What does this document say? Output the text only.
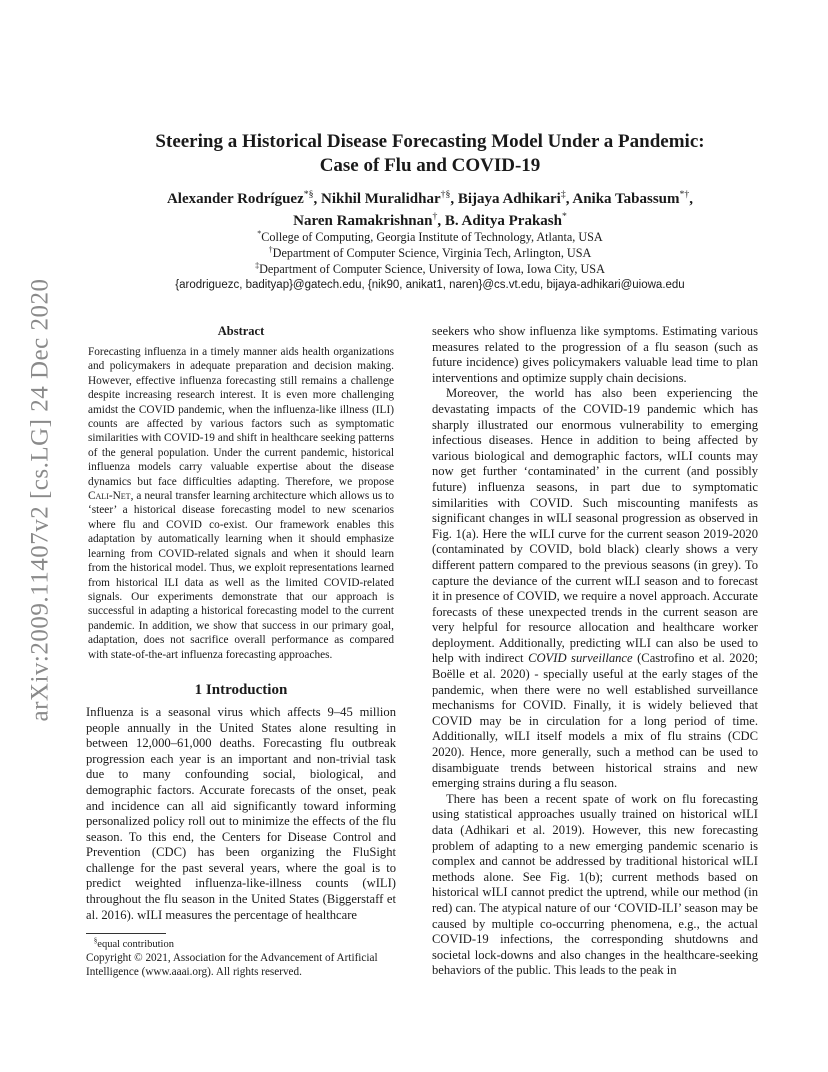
arXiv:2009.11407v2 [cs.LG] 24 Dec 2020
Steering a Historical Disease Forecasting Model Under a Pandemic:
Case of Flu and COVID-19
Alexander Rodríguez*§, Nikhil Muralidhar†§, Bijaya Adhikari‡, Anika Tabassum*†,
Naren Ramakrishnan†, B. Aditya Prakash*
*College of Computing, Georgia Institute of Technology, Atlanta, USA
†Department of Computer Science, Virginia Tech, Arlington, USA
‡Department of Computer Science, University of Iowa, Iowa City, USA
{arodriguezc, badityap}@gatech.edu, {nik90, anikat1, naren}@cs.vt.edu, bijaya-adhikari@uiowa.edu
Abstract

Forecasting influenza in a timely manner aids health organizations and policymakers in adequate preparation and decision making. However, effective influenza forecasting still remains a challenge despite increasing research interest. It is even more challenging amidst the COVID pandemic, when the influenza-like illness (ILI) counts are affected by various factors such as symptomatic similarities with COVID-19 and shift in healthcare seeking patterns of the general population. Under the current pandemic, historical influenza models carry valuable expertise about the disease dynamics but face difficulties adapting. Therefore, we propose Cali-Net, a neural transfer learning architecture which allows us to ‘steer’ a historical disease forecasting model to new scenarios where flu and COVID co-exist. Our framework enables this adaptation by automatically learning when it should emphasize learning from COVID-related signals and when it should learn from the historical model. Thus, we exploit representations learned from historical ILI data as well as the limited COVID-related signals. Our experiments demonstrate that our approach is successful in adapting a historical forecasting model to the current pandemic. In addition, we show that success in our primary goal, adaptation, does not sacrifice overall performance as compared with state-of-the-art influenza forecasting approaches.

1 Introduction

Influenza is a seasonal virus which affects 9–45 million people annually in the United States alone resulting in between 12,000–61,000 deaths. Forecasting flu outbreak progression each year is an important and non-trivial task due to many confounding social, biological, and demographic factors. Accurate forecasts of the onset, peak and incidence can all aid significantly toward informing personalized policy roll out to minimize the effects of the flu season. To this end, the Centers for Disease Control and Prevention (CDC) has been organizing the FluSight challenge for the past several years, where the goal is to predict weighted influenza-like-illness counts (wILI) throughout the flu season in the United States (Biggerstaff et al. 2016). wILI measures the percentage of healthcare

§equal contribution
Copyright © 2021, Association for the Advancement of Artificial Intelligence (www.aaai.org). All rights reserved.

seekers who show influenza like symptoms. Estimating various measures related to the progression of a flu season (such as future incidence) gives policymakers valuable lead time to plan interventions and optimize supply chain decisions.

Moreover, the world has also been experiencing the devastating impacts of the COVID-19 pandemic which has sharply illustrated our enormous vulnerability to emerging infectious diseases. Hence in addition to being affected by various biological and demographic factors, wILI counts may now get further ‘contaminated’ in the current (and possibly future) influenza seasons, in part due to symptomatic similarities with COVID. Such miscounting manifests as significant changes in wILI seasonal progression as observed in Fig. 1(a). Here the wILI curve for the current season 2019-2020 (contaminated by COVID, bold black) clearly shows a very different pattern compared to the previous seasons (in grey). To capture the deviance of the current wILI season and to forecast it in presence of COVID, we require a novel approach. Accurate forecasts of these unexpected trends in the current season are very helpful for resource allocation and healthcare worker deployment. Additionally, predicting wILI can also be used to help with indirect COVID surveillance (Castrofino et al. 2020; Boëlle et al. 2020) - specially useful at the early stages of the pandemic, when there were no well established surveillance mechanisms for COVID. Finally, it is widely believed that COVID may be in circulation for a long period of time. Additionally, wILI itself models a mix of flu strains (CDC 2020). Hence, more generally, such a method can be used to disambiguate trends between historical strains and new emerging strains during a flu season.

There has been a recent spate of work on flu forecasting using statistical approaches usually trained on historical wILI data (Adhikari et al. 2019). However, this new forecasting problem of adapting to a new emerging pandemic scenario is complex and cannot be addressed by traditional historical wILI methods alone. See Fig. 1(b); current methods based on historical wILI cannot predict the uptrend, while our method (in red) can. The atypical nature of our ‘COVID-ILI’ season may be caused by multiple co-occurring phenomena, e.g., the actual COVID-19 infections, the corresponding shutdowns and societal lock-downs and also changes in the healthcare-seeking behaviors of the public. This leads to the peak in
